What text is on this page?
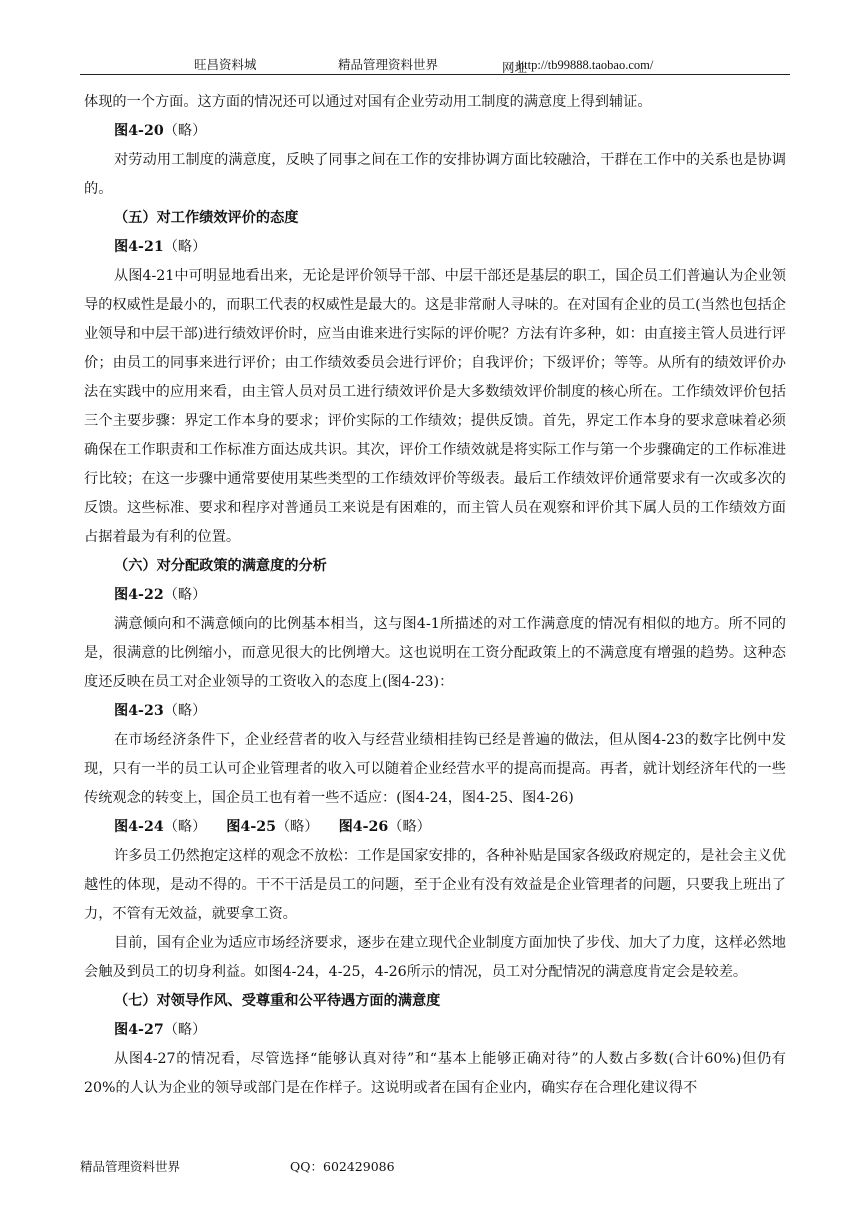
旺昌资料城	精品管理资料世界	网址

http://tb99888.taobao.com/

体现的一个方面。这方面的情况还可以通过对国有企业劳动用工制度的满意度上得到辅证。

图4-20（略）

对劳动用工制度的满意度，反映了同事之间在工作的安排协调方面比较融洽，干群在工作中的关系也是协调的。

（五）对工作绩效评价的态度

图4-21（略）

从图4-21中可明显地看出来，无论是评价领导干部、中层干部还是基层的职工，国企员工们普遍认为企业领导的权威性是最小的，而职工代表的权威性是最大的。这是非常耐人寻味的。在对国有企业的员工(当然也包括企业领导和中层干部)进行绩效评价时，应当由谁来进行实际的评价呢？方法有许多种，如：由直接主管人员进行评价；由员工的同事来进行评价；由工作绩效委员会进行评价；自我评价；下级评价；等等。从所有的绩效评价办法在实践中的应用来看，由主管人员对员工进行绩效评价是大多数绩效评价制度的核心所在。工作绩效评价包括三个主要步骤：界定工作本身的要求；评价实际的工作绩效；提供反馈。首先，界定工作本身的要求意味着必须确保在工作职责和工作标准方面达成共识。其次，评价工作绩效就是将实际工作与第一个步骤确定的工作标准进行比较；在这一步骤中通常要使用某些类型的工作绩效评价等级表。最后工作绩效评价通常要求有一次或多次的反馈。这些标准、要求和程序对普通员工来说是有困难的，而主管人员在观察和评价其下属人员的工作绩效方面占据着最为有利的位置。

（六）对分配政策的满意度的分析

图4-22（略）

满意倾向和不满意倾向的比例基本相当，这与图4-1所描述的对工作满意度的情况有相似的地方。所不同的是，很满意的比例缩小，而意见很大的比例增大。这也说明在工资分配政策上的不满意度有增强的趋势。这种态度还反映在员工对企业领导的工资收入的态度上(图4-23)：

图4-23（略）

在市场经济条件下，企业经营者的收入与经营业绩相挂钩已经是普遍的做法，但从图4-23的数字比例中发现，只有一半的员工认可企业管理者的收入可以随着企业经营水平的提高而提高。再者，就计划经济年代的一些传统观念的转变上，国企员工也有着一些不适应：(图4-24，图4-25、图4-26)

图4-24（略） 图4-25（略） 图4-26（略）

许多员工仍然抱定这样的观念不放松：工作是国家安排的，各种补贴是国家各级政府规定的，是社会主义优越性的体现，是动不得的。干不干活是员工的问题，至于企业有没有效益是企业管理者的问题，只要我上班出了力，不管有无效益，就要拿工资。

目前，国有企业为适应市场经济要求，逐步在建立现代企业制度方面加快了步伐、加大了力度，这样必然地会触及到员工的切身利益。如图4-24，4-25，4-26所示的情况，员工对分配情况的满意度肯定会是较差。

（七）对领导作风、受尊重和公平待遇方面的满意度

图4-27（略）

从图4-27的情况看，尽管选择“能够认真对待”和“基本上能够正确对待”的人数占多数(合计60%)但仍有20%的人认为企业的领导或部门是在作样子。这说明或者在国有企业内，确实存在合理化建议得不

精品管理资料世界	QQ：602429086
